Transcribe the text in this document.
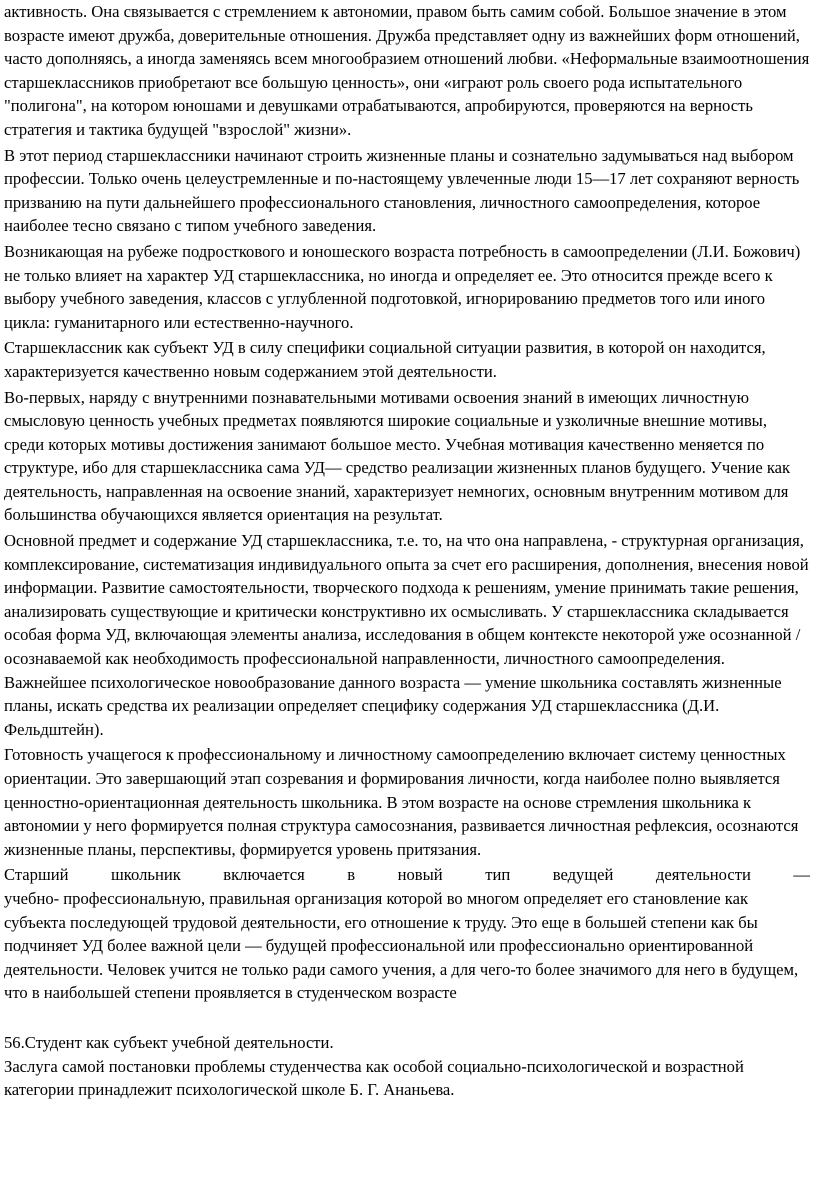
активность. Она связывается с стремлением к автономии, правом быть самим собой. Большое значение в этом возрасте имеют дружба, доверительные отношения. Дружба представляет одну из важнейших форм отношений, часто дополняясь, а иногда заменяясь всем многообразием отношений любви. «Неформальные взаимоотношения старшеклассников приобретают все большую ценность», они «играют роль своего рода испытательного "полигона", на котором юношами и девушками отрабатываются, апробируются, проверяются на верность стратегия и тактика будущей "взрослой" жизни».

В этот период старшеклассники начинают строить жизненные планы и сознательно задумываться над выбором профессии. Только очень целеустремленные и по-настоящему увлеченные люди 15—17 лет сохраняют верность призванию на пути дальнейшего профессионального становления, личностного самоопределения, которое наиболее тесно связано с типом учебного заведения.

Возникающая на рубеже подросткового и юношеского возраста потребность в самоопределении (Л.И. Божович) не только влияет на характер УД старшеклассника, но иногда и определяет ее. Это относится прежде всего к выбору учебного заведения, классов с углубленной подготовкой, игнорированию предметов того или иного цикла: гуманитарного или естественно-научного.

Старшеклассник как субъект УД в силу специфики социальной ситуации развития, в которой он находится, характеризуется качественно новым содержанием этой деятельности.

Во-первых, наряду с внутренними познавательными мотивами освоения знаний в имеющих личностную смысловую ценность учебных предметах появляются широкие социальные и узколичные внешние мотивы, среди которых мотивы достижения занимают большое место. Учебная мотивация качественно меняется по структуре, ибо для старшеклассника сама УД— средство реализации жизненных планов будущего. Учение как деятельность, направленная на освоение знаний, характеризует немногих, основным внутренним мотивом для большинства обучающихся является ориентация на результат.

Основной предмет и содержание УД старшеклассника, т.е. то, на что она направлена, - структурная организация, комплексирование, систематизация индивидуального опыта за счет его расширения, дополнения, внесения новой информации. Развитие самостоятельности, творческого подхода к решениям, умение принимать такие решения, анализировать существующие и критически конструктивно их осмысливать. У старшеклассника складывается особая форма УД, включающая элементы анализа, исследования в общем контексте некоторой уже осознанной / осознаваемой как необходимость профессиональной направленности, личностного самоопределения. Важнейшее психологическое новообразование данного возраста — умение школьника составлять жизненные планы, искать средства их реализации определяет специфику содержания УД старшеклассника (Д.И. Фельдштейн).

Готовность учащегося к профессиональному и личностному самоопределению включает систему ценностных ориентации. Это завершающий этап созревания и формирования личности, когда наиболее полно выявляется ценностно-ориентационная деятельность школьника. В этом возрасте на основе стремления школьника к автономии у него формируется полная структура самосознания, развивается личностная рефлексия, осознаются жизненные планы, перспективы, формируется уровень притязания.

Старший школьник включается в новый тип ведущей деятельности —

учебно- профессиональную, правильная организация которой во многом определяет его становление как субъекта последующей трудовой деятельности, его отношение к труду. Это еще в большей степени как бы подчиняет УД более важной цели — будущей профессиональной или профессионально ориентированной деятельности. Человек учится не только ради самого учения, а для чего-то более значимого для него в будущем, что в наибольшей степени проявляется в студенческом возрасте

56.Студент как субъект учебной деятельности.

Заслуга самой постановки проблемы студенчества как особой социально-психологической и возрастной категории принадлежит психологической школе Б. Г. Ананьева.
